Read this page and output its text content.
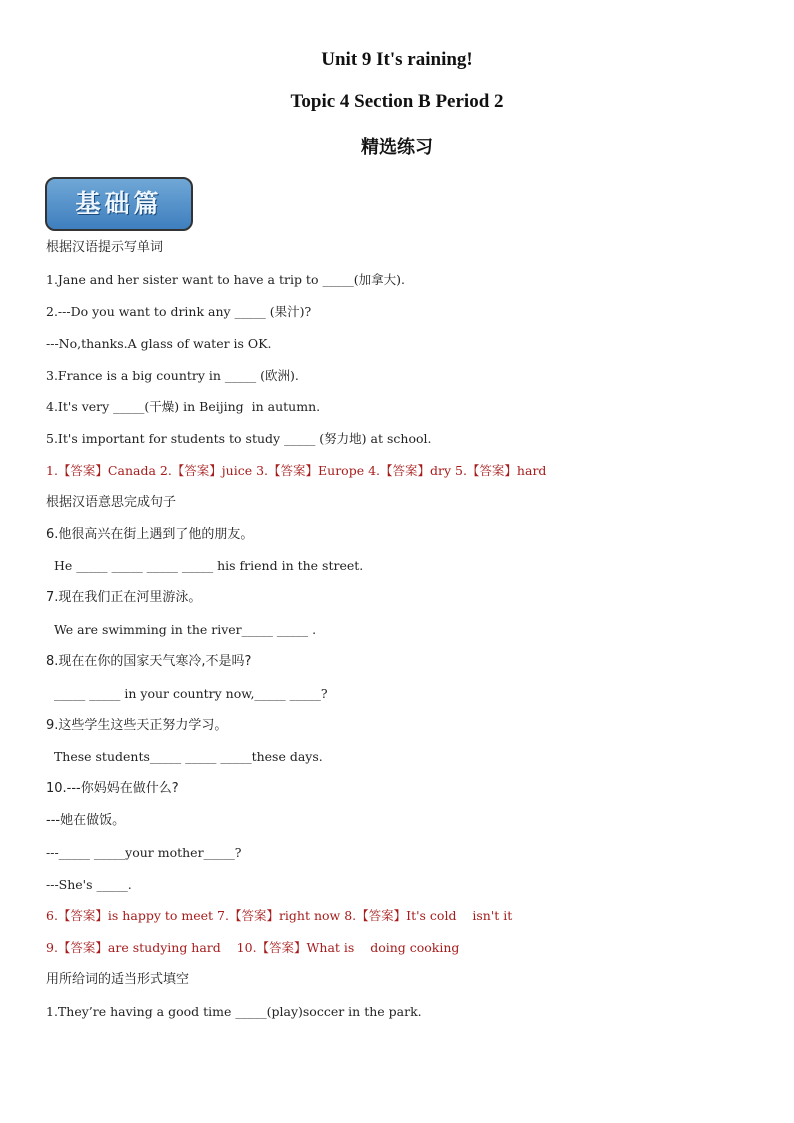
Unit 9 It's raining!
Topic 4 Section B Period 2
精选练习
基础篇
根据汉语提示写单词
1.Jane and her sister want to have a trip to _____(加拿大).
2.---Do you want to drink any _____ (果汁)?
---No,thanks.A glass of water is OK.
3.France is a big country in _____ (欧洲).
4.It's very _____(干燥) in Beijing  in autumn.
5.It's important for students to study _____ (努力地) at school.
1.【答案】Canada 2.【答案】juice 3.【答案】Europe 4.【答案】dry 5.【答案】hard
根据汉语意思完成句子
6.他很高兴在街上遇到了他的朋友。
He _____ _____ _____ _____ his friend in the street.
7.现在我们正在河里游泳。
We are swimming in the river_____ _____ .
8.现在在你的国家天气寒冷,不是吗?
_____ _____ in your country now,_____ _____?
9.这些学生这些天正努力学习。
These students_____ _____ _____these days.
10.---你妈妈在做什么?
---她在做饭。
---_____ _____your mother_____?
---She's _____.
6.【答案】is happy to meet 7.【答案】right now 8.【答案】It's cold    isn't it
9.【答案】are studying hard    10.【答案】What is    doing cooking
用所给词的适当形式填空
1.They’re having a good time _____(play)soccer in the park.
